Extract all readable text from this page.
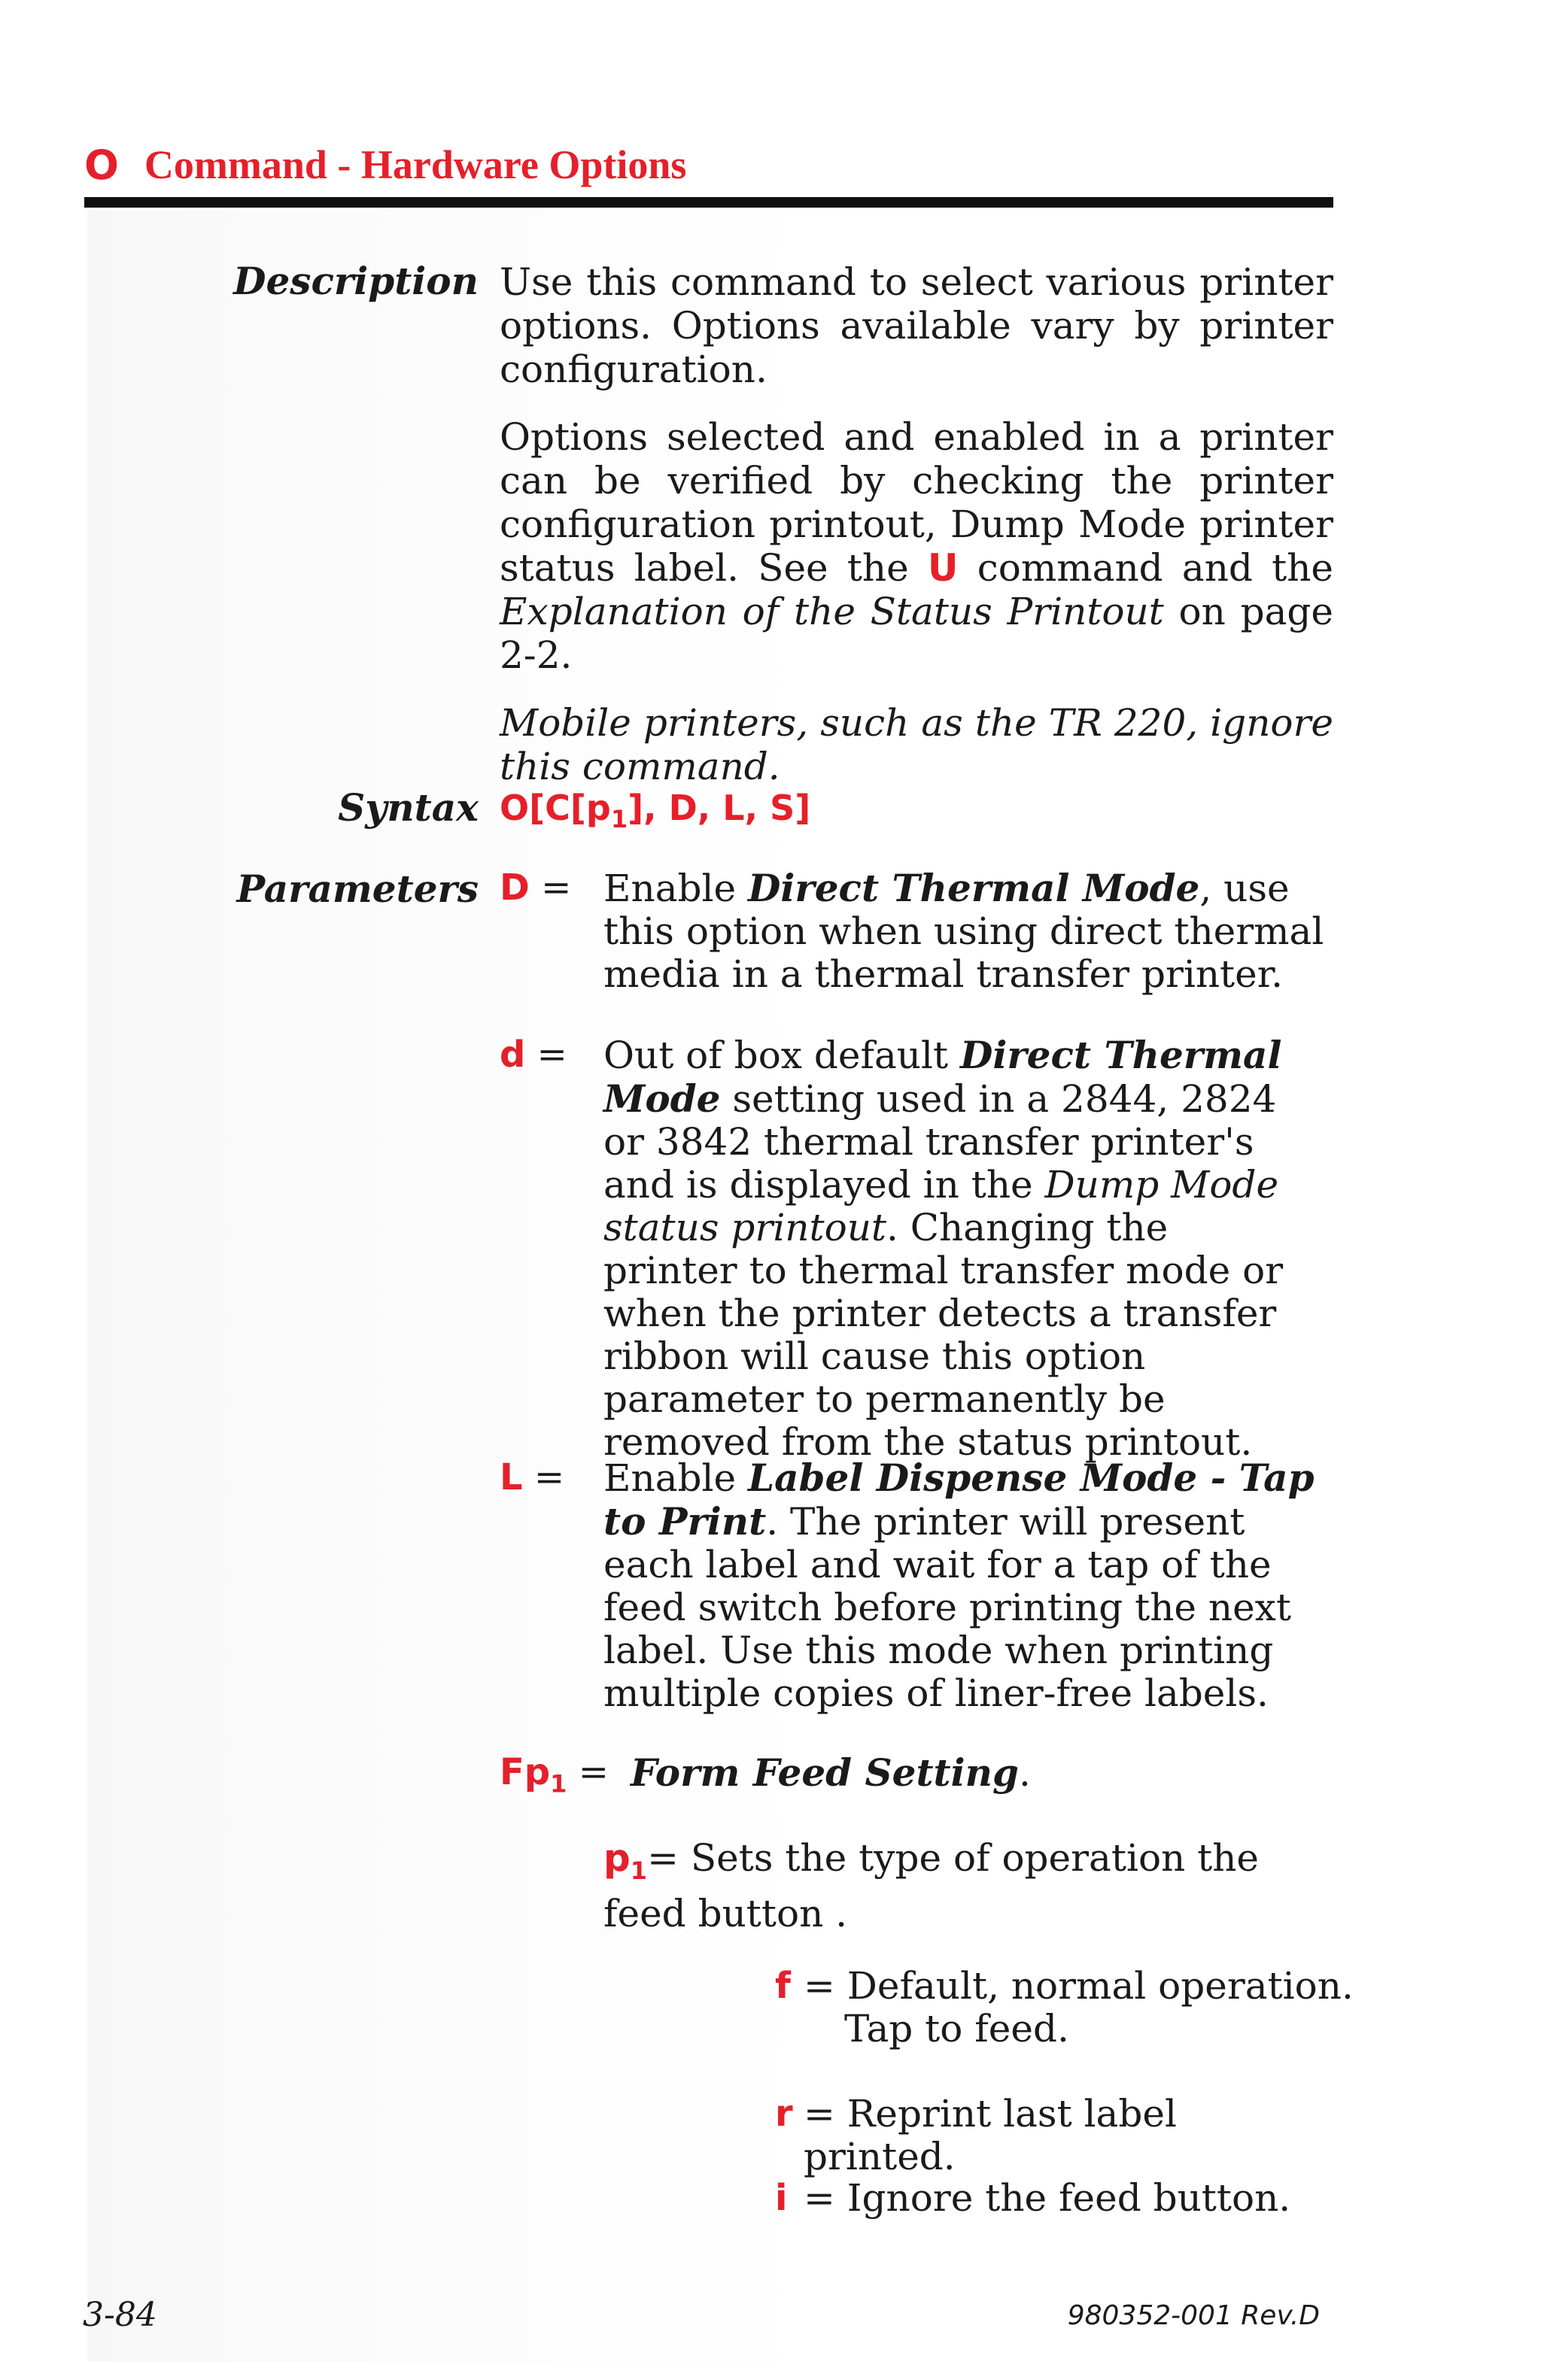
O Command - Hardware Options
Description Use this command to select various printer options. Options available vary by printer configuration.

Options selected and enabled in a printer can be verified by checking the printer configuration printout, Dump Mode printer status label. See the U command and the Explanation of the Status Printout on page 2-2.

Mobile printers, such as the TR 220, ignore this command.

Syntax $O[C[p_1]$, D, L, S]
Parameters D = Enable Direct Thermal Mode, use this option when using direct thermal media in a thermal transfer printer.

d = Out of box default Direct Thermal Mode setting used in a 2844, 2824 or 3842 thermal transfer printer's and is displayed in the Dump Mode status printout. Changing the printer to thermal transfer mode or when the printer detects a transfer ribbon will cause this option parameter to permanently be removed from the status printout.

L = Enable Label Dispense Mode - Tap to Print. The printer will present each label and wait for a tap of the feed switch before printing the next label. Use this mode when printing multiple copies of liner-free labels.

$Fp_1$ = Form Feed Setting.

$p_1=$ Sets the type of operation the feed button .

f = Default, normal operation. Tap to feed.

r = Reprint last label printed.

i = Ignore the feed button.

3-84	980352-001 Rev.D
